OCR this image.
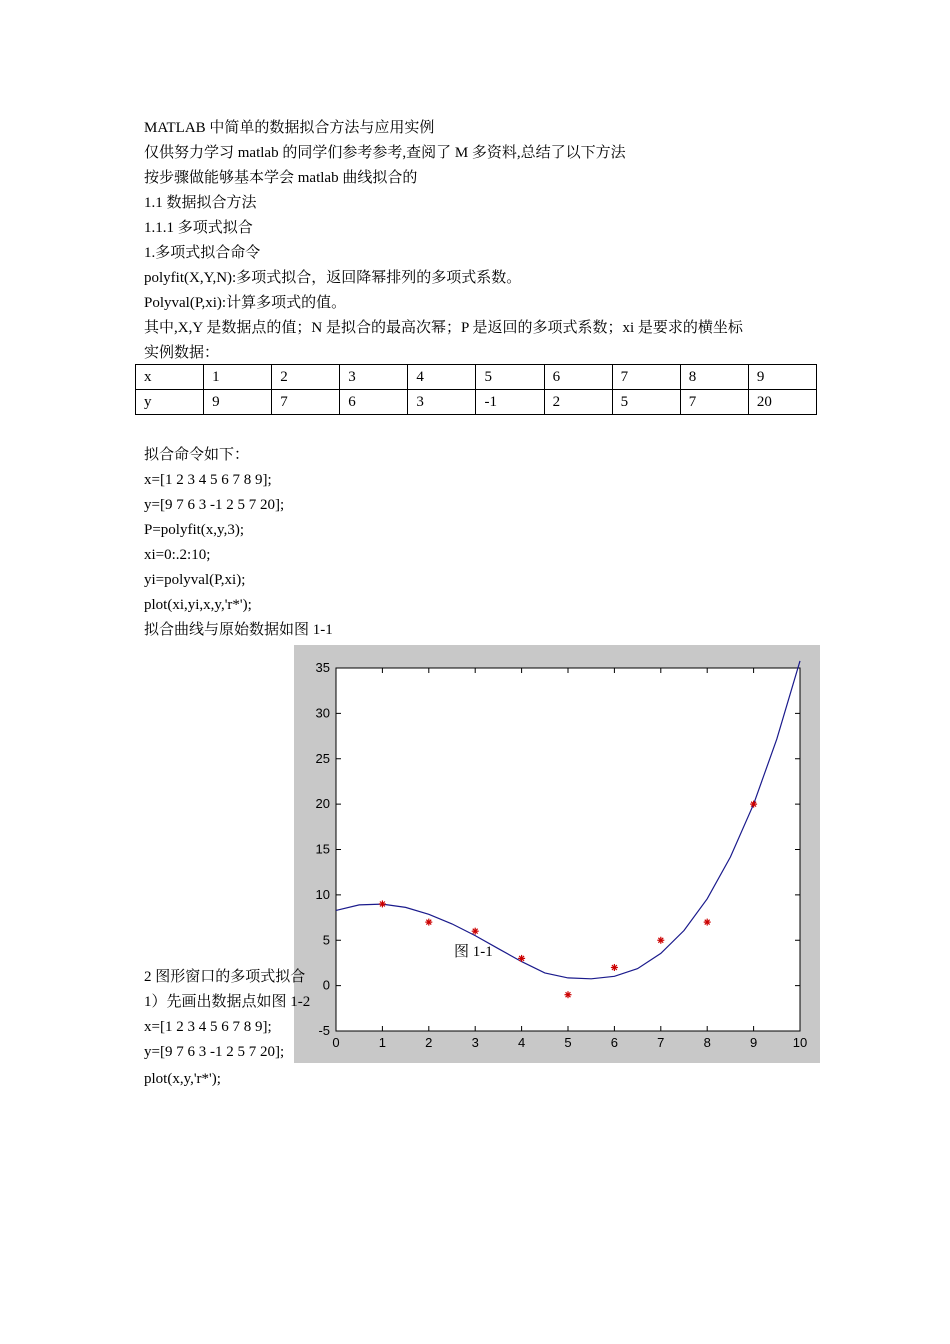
MATLAB 中简单的数据拟合方法与应用实例
仅供努力学习 matlab 的同学们参考参考,查阅了 M 多资料,总结了以下方法
按步骤做能够基本学会 matlab 曲线拟合的
1.1 数据拟合方法
1.1.1 多项式拟合
1.多项式拟合命令
polyfit(X,Y,N):多项式拟合，返回降幂排列的多项式系数。
Polyval(P,xi):计算多项式的值。
其中,X,Y 是数据点的值；N 是拟合的最高次幂；P 是返回的多项式系数；xi 是要求的横坐标
实例数据：
x	1	2	3	4	5	6	7	8	9
y	9	7	6	3	-1	2	5	7	20
拟合命令如下：
x=[1 2 3 4 5 6 7 8 9];
y=[9 7 6 3 -1 2 5 7 20];
P=polyfit(x,y,3);
xi=0:.2:10;
yi=polyval(P,xi);
plot(xi,yi,x,y,'r*');
拟合曲线与原始数据如图 1-1
0	1	2	3	4	5	6	7	8	9	10
-5
0
5
10
15
20
25
30
35
图 1-1
2 图形窗口的多项式拟合
1）先画出数据点如图 1-2
x=[1 2 3 4 5 6 7 8 9];
y=[9 7 6 3 -1 2 5 7 20];
plot(x,y,'r*');
